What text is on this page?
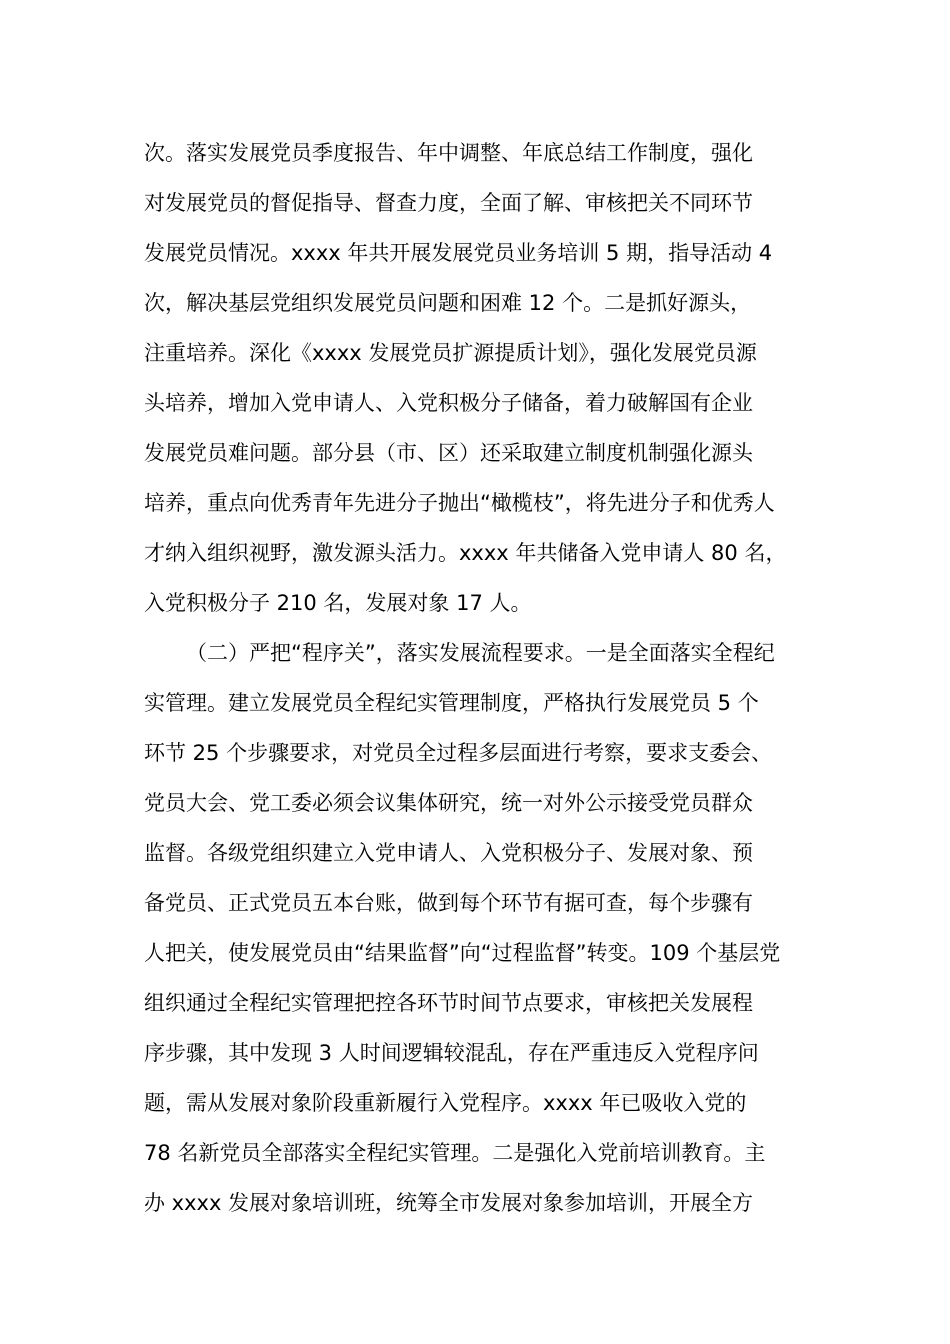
次。落实发展党员季度报告、年中调整、年底总结工作制度，强化
对发展党员的督促指导、督查力度，全面了解、审核把关不同环节
发展党员情况。xxxx 年共开展发展党员业务培训 5 期，指导活动 4
次，解决基层党组织发展党员问题和困难 12 个。二是抓好源头，
注重培养。深化《xxxx 发展党员扩源提质计划》，强化发展党员源
头培养，增加入党申请人、入党积极分子储备，着力破解国有企业
发展党员难问题。部分县（市、区）还采取建立制度机制强化源头
培养，重点向优秀青年先进分子抛出“橄榄枝”，将先进分子和优秀人
才纳入组织视野，激发源头活力。xxxx 年共储备入党申请人 80 名，
入党积极分子 210 名，发展对象 17 人。
（二）严把“程序关”，落实发展流程要求。一是全面落实全程纪
实管理。建立发展党员全程纪实管理制度，严格执行发展党员 5 个
环节 25 个步骤要求，对党员全过程多层面进行考察，要求支委会、
党员大会、党工委必须会议集体研究，统一对外公示接受党员群众
监督。各级党组织建立入党申请人、入党积极分子、发展对象、预
备党员、正式党员五本台账，做到每个环节有据可查，每个步骤有
人把关，使发展党员由“结果监督”向“过程监督”转变。109 个基层党
组织通过全程纪实管理把控各环节时间节点要求，审核把关发展程
序步骤，其中发现 3 人时间逻辑较混乱，存在严重违反入党程序问
题，需从发展对象阶段重新履行入党程序。xxxx 年已吸收入党的
78 名新党员全部落实全程纪实管理。二是强化入党前培训教育。主
办 xxxx 发展对象培训班，统筹全市发展对象参加培训，开展全方
